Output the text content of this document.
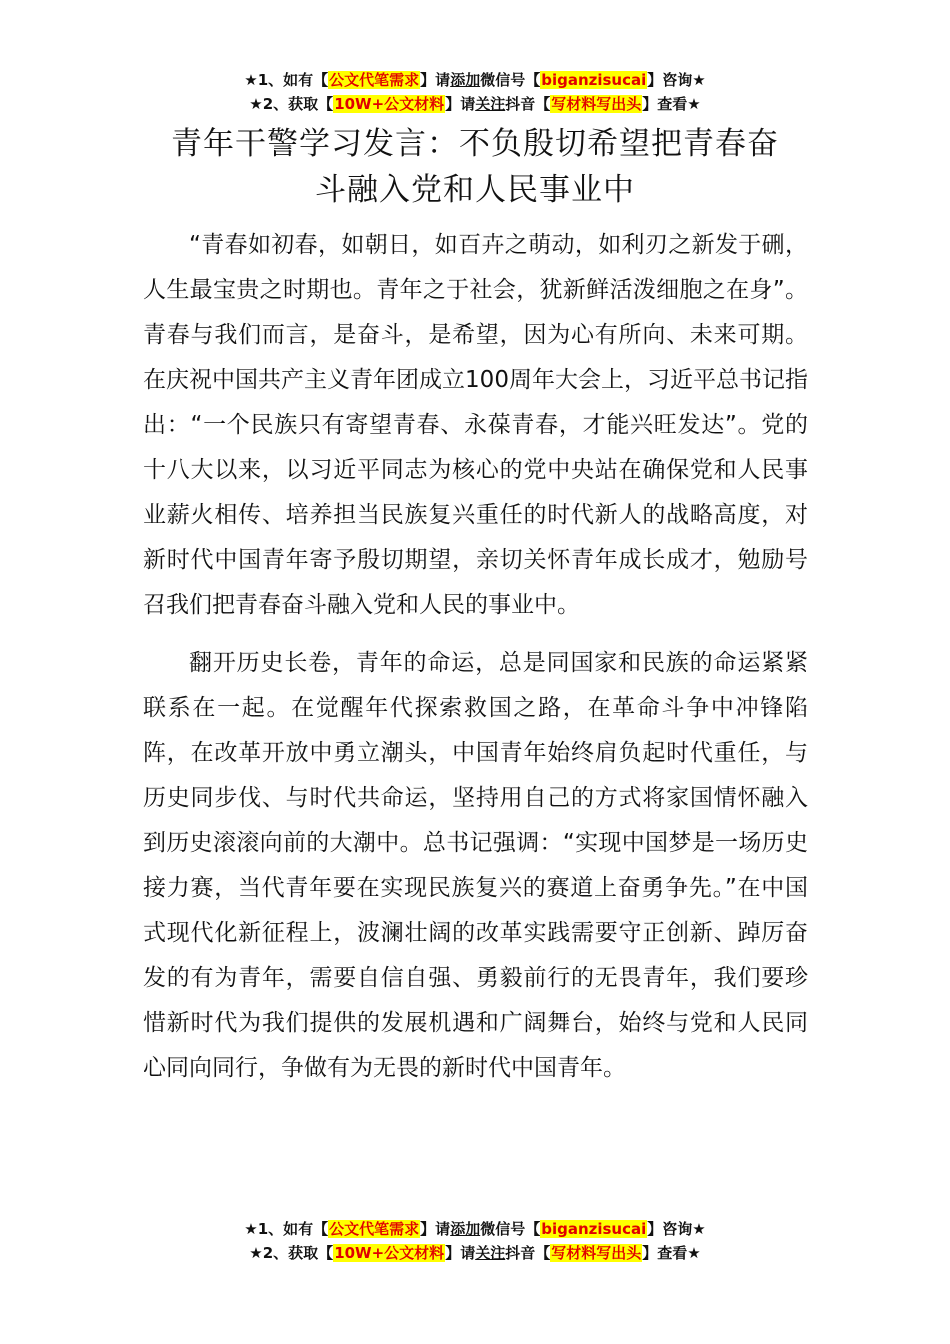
★1、如有【公文代笔需求】请添加微信号【biganzisucai】咨询★
★2、获取【10W+公文材料】请关注抖音【写材料写出头】查看★
青年干警学习发言：不负殷切希望把青春奋
斗融入党和人民事业中

“青春如初春，如朝日，如百卉之萌动，如利刃之新发于硎，人生最宝贵之时期也。青年之于社会，犹新鲜活泼细胞之在身”。青春与我们而言，是奋斗，是希望，因为心有所向、未来可期。在庆祝中国共产主义青年团成立100周年大会上，习近平总书记指出：“一个民族只有寄望青春、永葆青春，才能兴旺发达”。党的十八大以来，以习近平同志为核心的党中央站在确保党和人民事业薪火相传、培养担当民族复兴重任的时代新人的战略高度，对新时代中国青年寄予殷切期望，亲切关怀青年成长成才，勉励号召我们把青春奋斗融入党和人民的事业中。

翻开历史长卷，青年的命运，总是同国家和民族的命运紧紧联系在一起。在觉醒年代探索救国之路，在革命斗争中冲锋陷阵，在改革开放中勇立潮头，中国青年始终肩负起时代重任，与历史同步伐、与时代共命运，坚持用自己的方式将家国情怀融入到历史滚滚向前的大潮中。总书记强调：“实现中国梦是一场历史接力赛，当代青年要在实现民族复兴的赛道上奋勇争先。”在中国式现代化新征程上，波澜壮阔的改革实践需要守正创新、踔厉奋发的有为青年，需要自信自强、勇毅前行的无畏青年，我们要珍惜新时代为我们提供的发展机遇和广阔舞台，始终与党和人民同心同向同行，争做有为无畏的新时代中国青年。

★1、如有【公文代笔需求】请添加微信号【biganzisucai】咨询★
★2、获取【10W+公文材料】请关注抖音【写材料写出头】查看★
